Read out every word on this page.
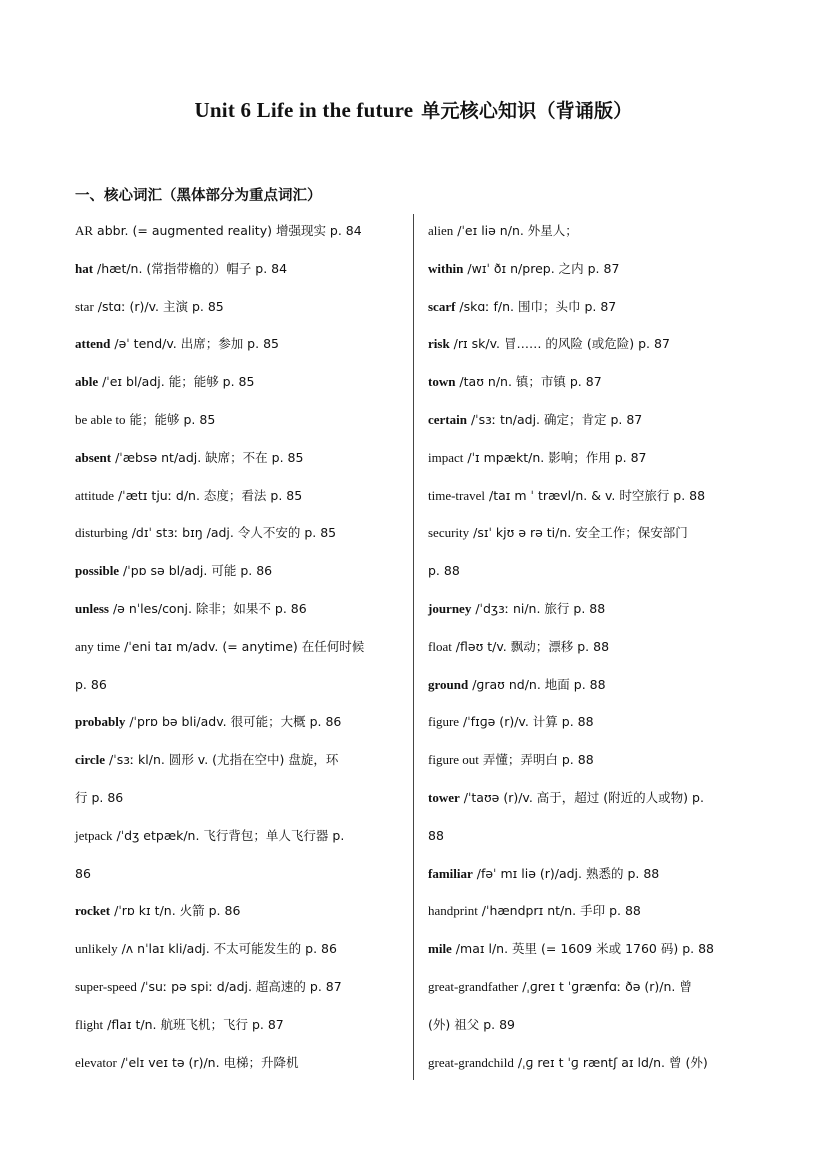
Unit 6 Life in the future 单元核心知识（背诵版）
一、核心词汇（黑体部分为重点词汇）
AR abbr. (= augmented reality) 增强现实 p. 84
hat /hæt/n. (常指带檐的）帽子 p. 84
star /stɑː (r)/v. 主演 p. 85
attend /əˈ tend/v. 出席；参加 p. 85
able /ˈeɪ bl/adj. 能；能够 p. 85
be able to 能；能够 p. 85
absent /ˈæbsə nt/adj. 缺席；不在 p. 85
attitude /ˈætɪ tjuː d/n. 态度；看法 p. 85
disturbing /dɪˈ stɜː bɪŋ /adj. 令人不安的 p. 85
possible /ˈpɒ sə bl/adj. 可能 p. 86
unless /ə nˈles/conj. 除非；如果不 p. 86
any time /ˈeni taɪ m/adv. (= anytime) 在任何时候
p. 86
probably /ˈprɒ bə bli/adv. 很可能；大概 p. 86
circle /ˈsɜː kl/n. 圆形 v. (尤指在空中) 盘旋，环
行 p. 86
jetpack /ˈdʒ etpæk/n. 飞行背包；单人飞行器 p.
86
rocket /ˈrɒ kɪ t/n. 火箭 p. 86
unlikely /ʌ nˈlaɪ kli/adj. 不太可能发生的 p. 86
super-speed /ˈsuː pə spiː d/adj. 超高速的 p. 87
flight /flaɪ t/n. 航班飞机；飞行 p. 87
elevator /ˈelɪ veɪ tə (r)/n. 电梯；升降机
alien /ˈeɪ liə n/n. 外星人；
within /wɪˈ ðɪ n/prep. 之内 p. 87
scarf /skɑː f/n. 围巾；头巾 p. 87
risk /rɪ sk/v. 冒…… 的风险 (或危险) p. 87
town /taʊ n/n. 镇；市镇 p. 87
certain /ˈsɜː tn/adj. 确定；肯定 p. 87
impact /ˈɪ mpækt/n. 影响；作用 p. 87
time-travel /taɪ m ˈ trævl/n. & v. 时空旅行 p. 88
security /sɪˈ kjʊ ə rə ti/n. 安全工作；保安部门
p. 88
journey /ˈdʒɜː ni/n. 旅行 p. 88
float /fləʊ t/v. 飘动；漂移 p. 88
ground /ɡraʊ nd/n. 地面 p. 88
figure /ˈfɪɡə (r)/v. 计算 p. 88
figure out 弄懂；弄明白 p. 88
tower /ˈtaʊə (r)/v. 高于，超过 (附近的人或物) p.
88
familiar /fəˈ mɪ liə (r)/adj. 熟悉的 p. 88
handprint /ˈhændprɪ nt/n. 手印 p. 88
mile /maɪ l/n. 英里 (= 1609 米或 1760 码) p. 88
great-grandfather /ˌɡreɪ t ˈɡrænfɑː ðə (r)/n. 曾
(外) 祖父 p. 89
great-grandchild /ˌɡ reɪ t ˈɡ ræntʃ aɪ ld/n. 曾 (外)
